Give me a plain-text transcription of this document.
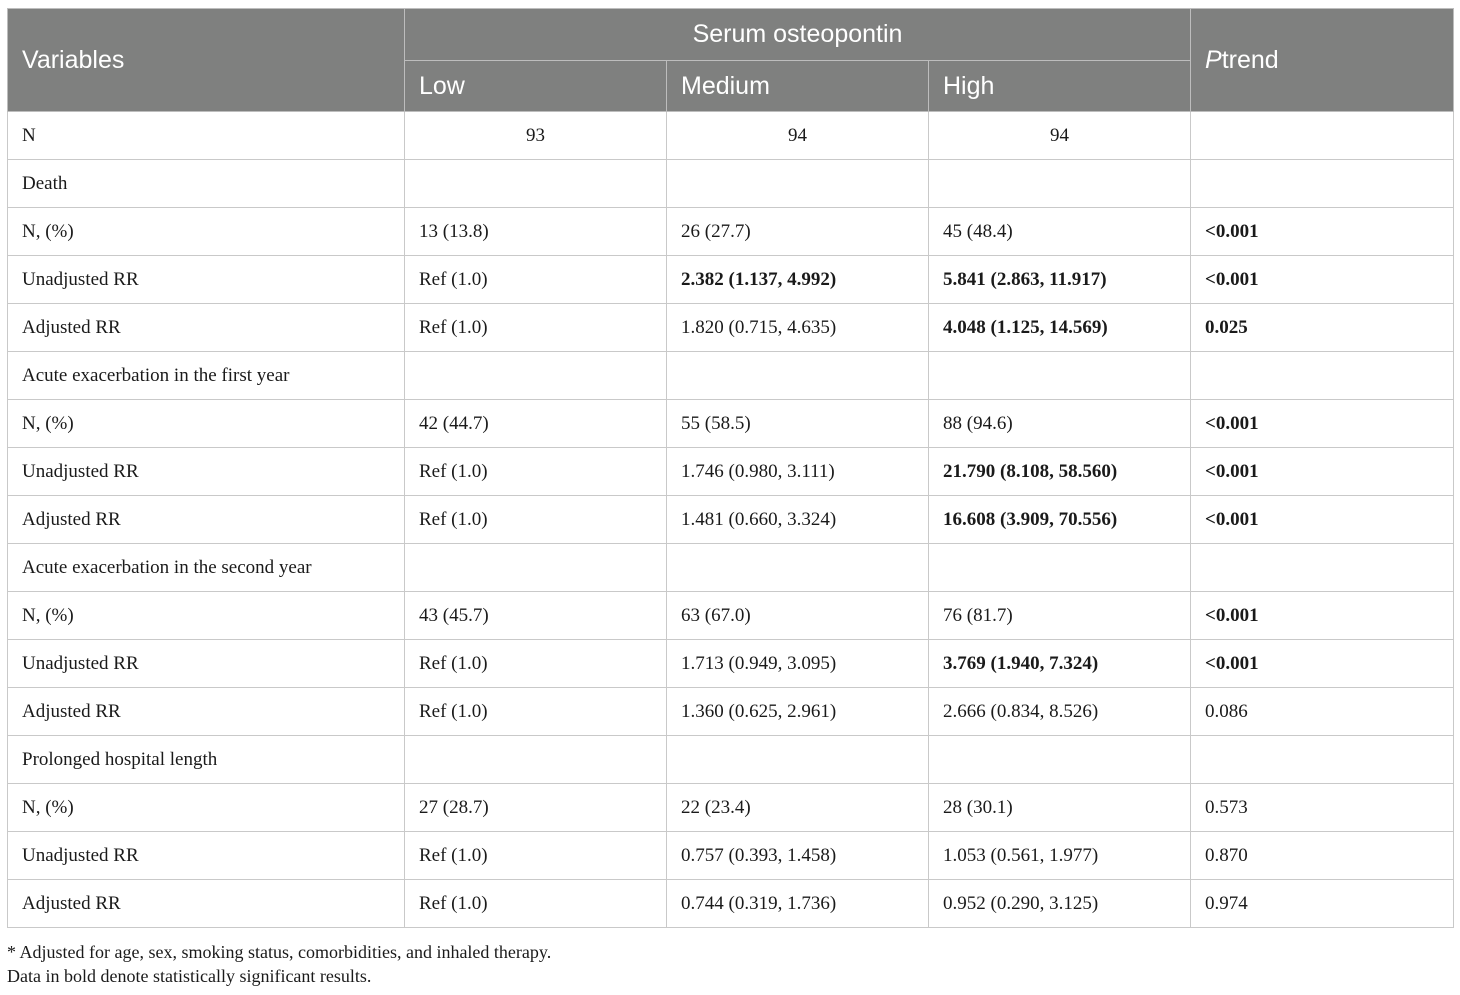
Variables	Serum osteopontin			Ptrend
	Low	Medium	High	
N	93	94	94	
Death				
N, (%)	13 (13.8)	26 (27.7)	45 (48.4)	<0.001
Unadjusted RR	Ref (1.0)	2.382 (1.137, 4.992)	5.841 (2.863, 11.917)	<0.001
Adjusted RR	Ref (1.0)	1.820 (0.715, 4.635)	4.048 (1.125, 14.569)	0.025
Acute exacerbation in the first year				
N, (%)	42 (44.7)	55 (58.5)	88 (94.6)	<0.001
Unadjusted RR	Ref (1.0)	1.746 (0.980, 3.111)	21.790 (8.108, 58.560)	<0.001
Adjusted RR	Ref (1.0)	1.481 (0.660, 3.324)	16.608 (3.909, 70.556)	<0.001
Acute exacerbation in the second year				
N, (%)	43 (45.7)	63 (67.0)	76 (81.7)	<0.001
Unadjusted RR	Ref (1.0)	1.713 (0.949, 3.095)	3.769 (1.940, 7.324)	<0.001
Adjusted RR	Ref (1.0)	1.360 (0.625, 2.961)	2.666 (0.834, 8.526)	0.086
Prolonged hospital length				
N, (%)	27 (28.7)	22 (23.4)	28 (30.1)	0.573
Unadjusted RR	Ref (1.0)	0.757 (0.393, 1.458)	1.053 (0.561, 1.977)	0.870
Adjusted RR	Ref (1.0)	0.744 (0.319, 1.736)	0.952 (0.290, 3.125)	0.974
* Adjusted for age, sex, smoking status, comorbidities, and inhaled therapy.
Data in bold denote statistically significant results.
